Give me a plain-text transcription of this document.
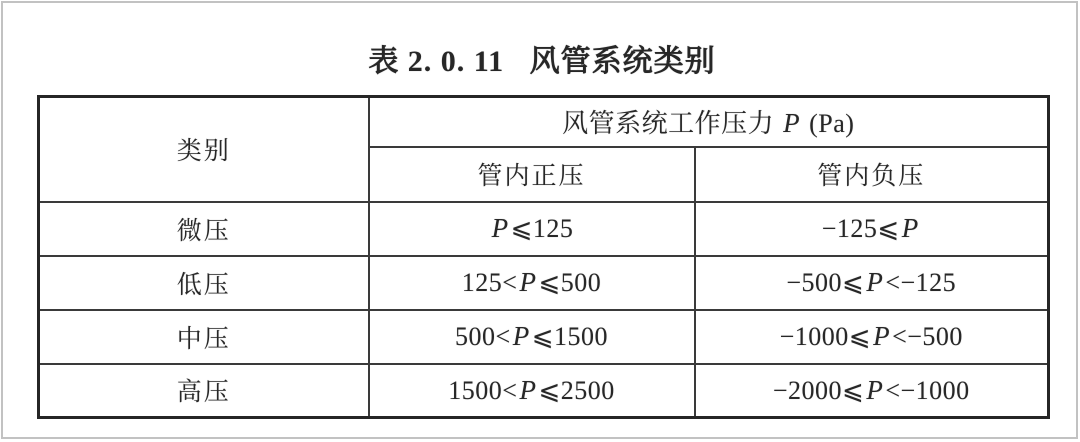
表 2. 0. 11   风管系统类别
类别	风管系统工作压力 P (Pa)	
	管内正压	管内负压
微压	P⩽125	−125⩽P
低压	125<P⩽500	−500⩽P<−125
中压	500<P⩽1500	−1000⩽P<−500
高压	1500<P⩽2500	−2000⩽P<−1000
